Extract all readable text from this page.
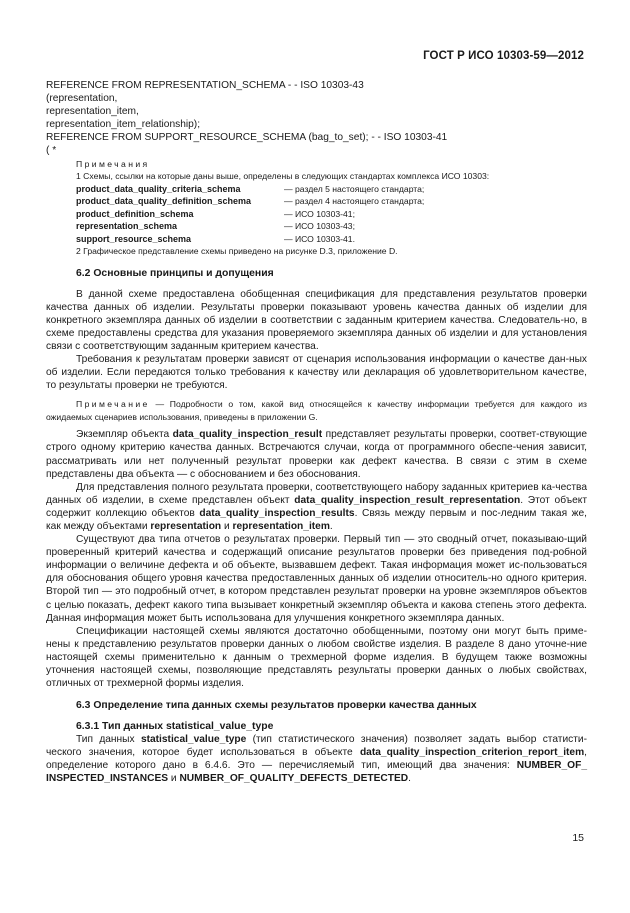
ГОСТ Р ИСО 10303-59—2012
REFERENCE FROM REPRESENTATION_SCHEMA - - ISO 10303-43
(representation,
representation_item,
representation_item_relationship);
REFERENCE FROM SUPPORT_RESOURCE_SCHEMA (bag_to_set); - - ISO 10303-41
( *
Примечания
1 Схемы, ссылки на которые даны выше, определены в следующих стандартах комплекса ИСО 10303:
product_data_quality_criteria_schema	— раздел 5 настоящего стандарта;
product_data_quality_definition_schema	— раздел 4 настоящего стандарта;
product_definition_schema	— ИСО 10303-41;
representation_schema	— ИСО 10303-43;
support_resource_schema	— ИСО 10303-41.
2 Графическое представление схемы приведено на рисунке D.3, приложение D.
6.2 Основные принципы и допущения

В данной схеме предоставлена обобщенная спецификация для представления результатов проверки качества данных об изделии. Результаты проверки показывают уровень качества данных об изделии для конкретного экземпляра данных об изделии в соответствии с заданным критерием качества. Следователь-но, в схеме предоставлены средства для указания проверяемого экземпляра данных об изделии и для установления связи с соответствующим заданным критерием качества.

Требования к результатам проверки зависят от сценария использования информации о качестве дан-ных об изделии. Если передаются только требования к качеству или декларация об удовлетворительном качестве, то результаты проверки не требуются.

Примечание — Подробности о том, какой вид относящейся к качеству информации требуется для каждого из ожидаемых сценариев использования, приведены в приложении G.

Экземпляр объекта data_quality_inspection_result представляет результаты проверки, соответ-ствующие строго одному критерию качества данных. Встречаются случаи, когда от программного обеспе-чения зависит, рассматривать или нет полученный результат проверки как дефект качества. В связи с этим в схеме представлены два объекта — с обоснованием и без обоснования.

Для представления полного результата проверки, соответствующего набору заданных критериев ка-чества данных об изделии, в схеме представлен объект data_quality_inspection_result_representation. Этот объект содержит коллекцию объектов data_quality_inspection_results. Связь между первым и пос-ледним такая же, как между объектами representation и representation_item.

Существуют два типа отчетов о результатах проверки. Первый тип — это сводный отчет, показываю-щий проверенный критерий качества и содержащий описание результатов проверки без приведения под-робной информации о величине дефекта и об объекте, вызвавшем дефект. Такая информация может ис-пользоваться для обоснования общего уровня качества предоставленных данных об изделии относитель-но одного критерия. Второй тип — это подробный отчет, в котором представлен результат проверки на уровне экземпляров объектов с целью показать, дефект какого типа вызывает конкретный экземпляр объекта и какова степень этого дефекта. Данная информация может быть использована для улучшения конкретного экземпляра данных.

Спецификации настоящей схемы являются достаточно обобщенными, поэтому они могут быть приме-нены к представлению результатов проверки данных о любом свойстве изделия. В разделе 8 дано уточне-ние настоящей схемы применительно к данным о трехмерной форме изделия. В будущем также возможны уточнения настоящей схемы, позволяющие представлять результаты проверки данных о любых свойствах, отличных от трехмерной формы изделия.

6.3 Определение типа данных схемы результатов проверки качества данных
6.3.1 Тип данных statistical_value_type

Тип данных statistical_value_type (тип статистического значения) позволяет задать выбор статисти-ческого значения, которое будет использоваться в объекте data_quality_inspection_criterion_report_item, определение которого дано в 6.4.6. Это — перечисляемый тип, имеющий два значения: NUMBER_OF_ INSPECTED_INSTANCES и NUMBER_OF_QUALITY_DEFECTS_DETECTED.

15
